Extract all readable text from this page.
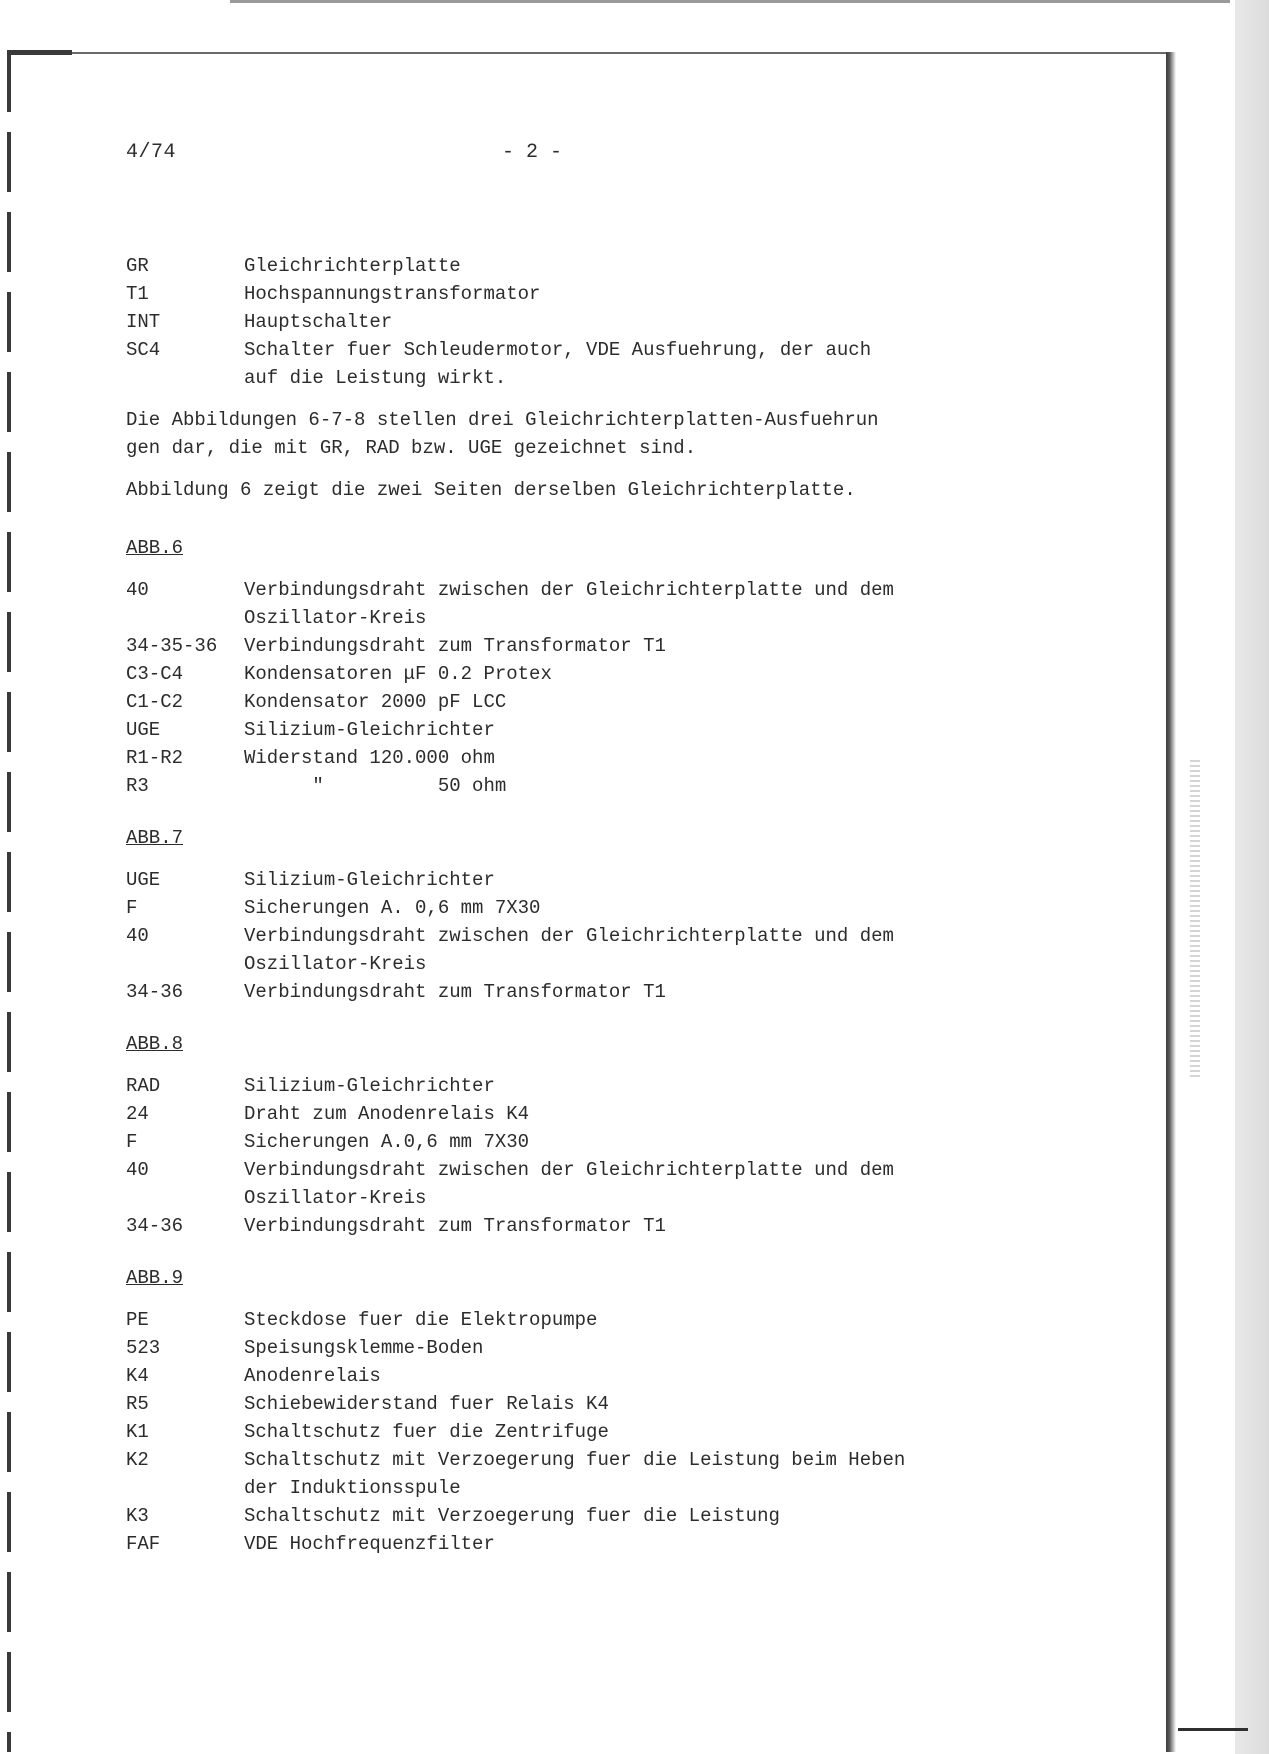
4/74	- 2 -
GR	Gleichrichterplatte
T1	Hochspannungstransformator
INT	Hauptschalter
SC4	Schalter fuer Schleudermotor, VDE Ausfuehrung, der auch
auf die Leistung wirkt.
Die Abbildungen 6-7-8 stellen drei Gleichrichterplatten-Ausfuehrun
gen dar, die mit GR, RAD bzw. UGE gezeichnet sind.
Abbildung 6 zeigt die zwei Seiten derselben Gleichrichterplatte.
ABB.6
40	Verbindungsdraht zwischen der Gleichrichterplatte und dem
Oszillator-Kreis
34-35-36	Verbindungsdraht zum Transformator T1
C3-C4	Kondensatoren μF 0.2 Protex
C1-C2	Kondensator 2000 pF LCC
UGE	Silizium-Gleichrichter
R1-R2	Widerstand 120.000 ohm
R3	"          50 ohm
ABB.7
UGE	Silizium-Gleichrichter
F	Sicherungen A. 0,6 mm 7X30
40	Verbindungsdraht zwischen der Gleichrichterplatte und dem
Oszillator-Kreis
34-36	Verbindungsdraht zum Transformator T1
ABB.8
RAD	Silizium-Gleichrichter
24	Draht zum Anodenrelais K4
F	Sicherungen A.0,6 mm 7X30
40	Verbindungsdraht zwischen der Gleichrichterplatte und dem
Oszillator-Kreis
34-36	Verbindungsdraht zum Transformator T1
ABB.9
PE	Steckdose fuer die Elektropumpe
523	Speisungsklemme-Boden
K4	Anodenrelais
R5	Schiebewiderstand fuer Relais K4
K1	Schaltschutz fuer die Zentrifuge
K2	Schaltschutz mit Verzoegerung fuer die Leistung beim Heben
der Induktionsspule
K3	Schaltschutz mit Verzoegerung fuer die Leistung
FAF	VDE Hochfrequenzfilter
